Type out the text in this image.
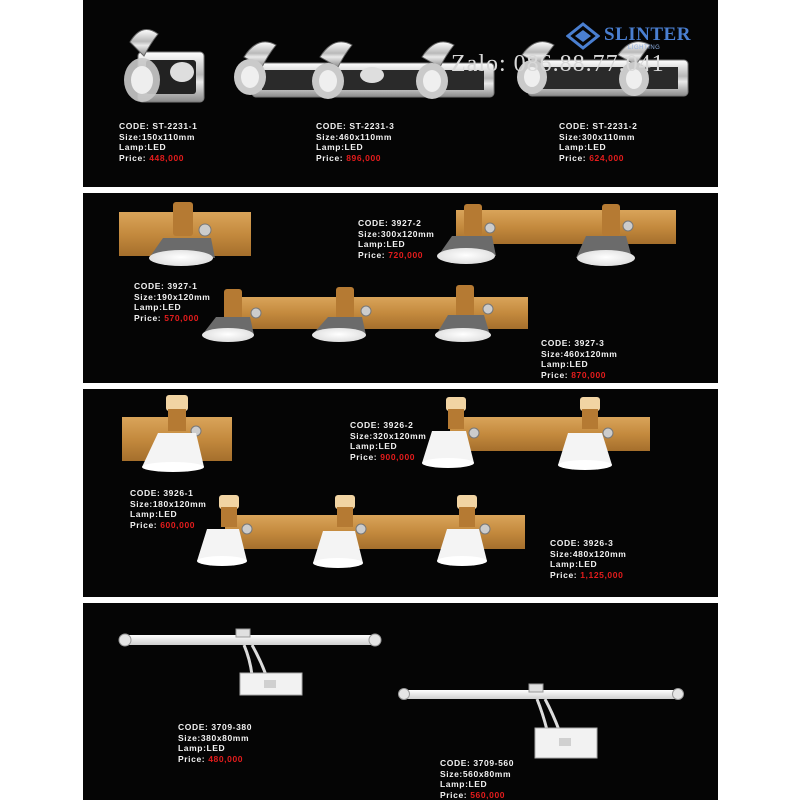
SLINTER
LIGHTING
Zalo: 086.88.77.041
CODE: ST-2231-1
Size:150x110mm
Lamp:LED
Price: 448,000
CODE: ST-2231-3
Size:460x110mm
Lamp:LED
Price: 896,000
CODE: ST-2231-2
Size:300x110mm
Lamp:LED
Price: 624,000
CODE: 3927-2
Size:300x120mm
Lamp:LED
Price: 720,000
CODE: 3927-1
Size:190x120mm
Lamp:LED
Price: 570,000
CODE: 3927-3
Size:460x120mm
Lamp:LED
Price: 870,000
CODE: 3926-2
Size:320x120mm
Lamp:LED
Price: 900,000
CODE: 3926-1
Size:180x120mm
Lamp:LED
Price: 600,000
CODE: 3926-3
Size:480x120mm
Lamp:LED
Price: 1,125,000
CODE: 3709-380
Size:380x80mm
Lamp:LED
Price: 480,000	CODE: 3709-560
Size:560x80mm
Lamp:LED
Price: 560,000
